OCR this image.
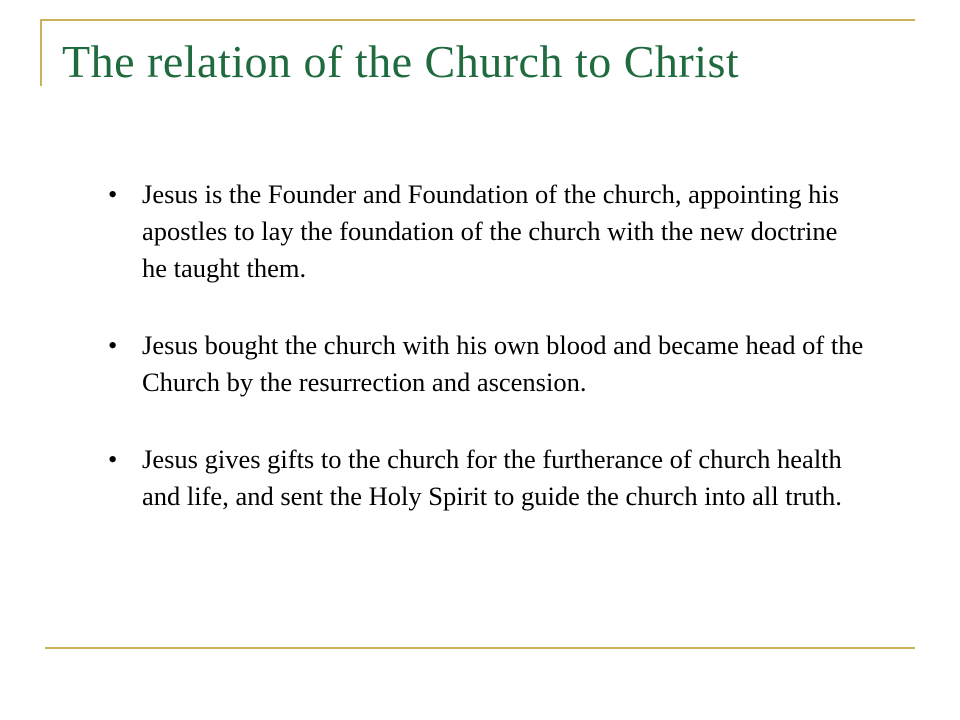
The relation of the Church to Christ
• Jesus is the Founder and Foundation of the church, appointing his apostles to lay the foundation of the church with the new doctrine he taught them.
• Jesus bought the church with his own blood and became head of the Church by the resurrection and ascension.
• Jesus gives gifts to the church for the furtherance of church health and life, and sent the Holy Spirit to guide the church into all truth.
